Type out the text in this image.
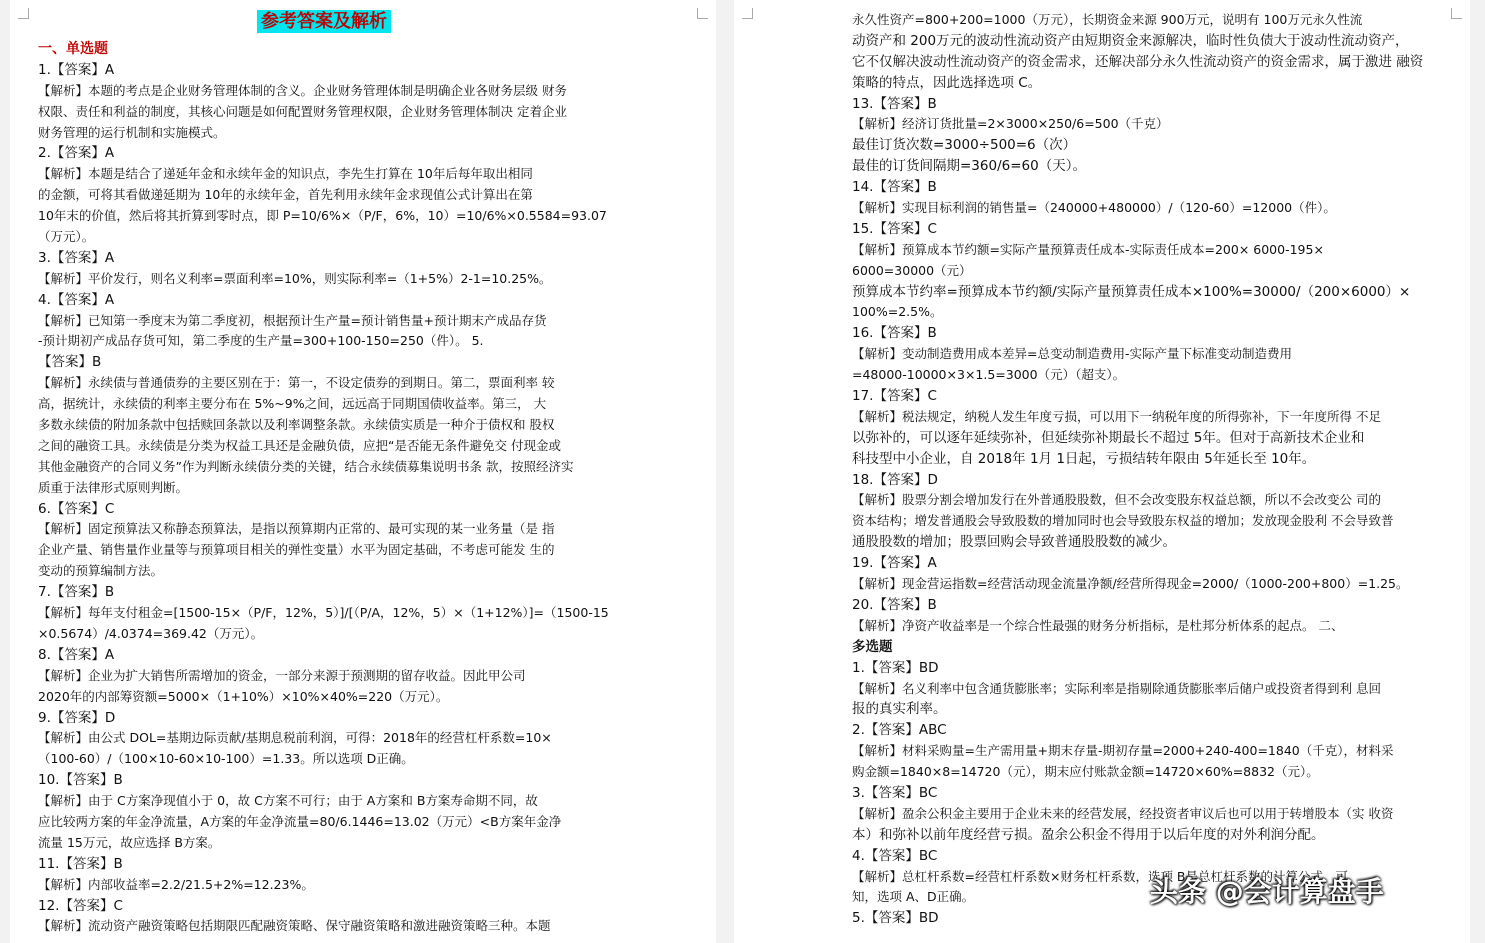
参考答案及解析
一、单选题
1.【答案】A
【解析】本题的考点是企业财务管理体制的含义。企业财务管理体制是明确企业各财务层级 财务
权限、责任和利益的制度，其核心问题是如何配置财务管理权限，企业财务管理体制决 定着企业
财务管理的运行机制和实施模式。
2.【答案】A
【解析】本题是结合了递延年金和永续年金的知识点，李先生打算在 10年后每年取出相同
的金额，可将其看做递延期为 10年的永续年金，首先利用永续年金求现值公式计算出在第
10年末的价值，然后将其折算到零时点，即 P=10/6%×（P/F，6%，10）=10/6%×0.5584=93.07
（万元）。
3.【答案】A
【解析】平价发行，则名义利率=票面利率=10%，则实际利率=（1+5%）2-1=10.25%。
4.【答案】A
【解析】已知第一季度末为第二季度初，根据预计生产量=预计销售量+预计期末产成品存货
-预计期初产成品存货可知，第二季度的生产量=300+100-150=250（件）。 5.
【答案】B
【解析】永续债与普通债券的主要区别在于：第一，不设定债券的到期日。第二，票面利率 较
高，据统计，永续债的利率主要分布在 5%~9%之间，远远高于同期国债收益率。第三， 大
多数永续债的附加条款中包括赎回条款以及利率调整条款。永续债实质是一种介于债权和 股权
之间的融资工具。永续债是分类为权益工具还是金融负债，应把“是否能无条件避免交 付现金或
其他金融资产的合同义务”作为判断永续债分类的关键，结合永续债募集说明书条 款，按照经济实
质重于法律形式原则判断。
6.【答案】C
【解析】固定预算法又称静态预算法，是指以预算期内正常的、最可实现的某一业务量（是 指
企业产量、销售量作业量等与预算项目相关的弹性变量）水平为固定基础，不考虑可能发 生的
变动的预算编制方法。
7.【答案】B
【解析】每年支付租金=[1500-15×（P/F，12%，5）]/[（P/A，12%，5）×（1+12%）]=（1500-15
×0.5674）/4.0374=369.42（万元）。
8.【答案】A
【解析】企业为扩大销售所需增加的资金，一部分来源于预测期的留存收益。因此甲公司
2020年的内部筹资额=5000×（1+10%）×10%×40%=220（万元）。
9.【答案】D
【解析】由公式 DOL=基期边际贡献/基期息税前利润，可得：2018年的经营杠杆系数=10×
（100-60）/（100×10-60×10-100）=1.33。所以选项 D正确。
10.【答案】B
【解析】由于 C方案净现值小于 0，故 C方案不可行；由于 A方案和 B方案寿命期不同，故
应比较两方案的年金净流量，A方案的年金净流量=80/6.1446=13.02（万元）<B方案年金净
流量 15万元，故应选择 B方案。
11.【答案】B
【解析】内部收益率=2.2/21.5+2%=12.23%。
12.【答案】C
【解析】流动资产融资策略包括期限匹配融资策略、保守融资策略和激进融资策略三种。本题
永久性资产=800+200=1000（万元），长期资金来源 900万元，说明有 100万元永久性流
动资产和 200万元的波动性流动资产由短期资金来源解决，临时性负债大于波动性流动资产，
它不仅解决波动性流动资产的资金需求，还解决部分永久性流动资产的资金需求，属于激进 融资
策略的特点，因此选择选项 C。
13.【答案】B
【解析】经济订货批量=2×3000×250/6=500（千克）
最佳订货次数=3000÷500=6（次）
最佳的订货间隔期=360/6=60（天）。
14.【答案】B
【解析】实现目标利润的销售量=（240000+480000）/（120-60）=12000（件）。
15.【答案】C
【解析】预算成本节约额=实际产量预算责任成本-实际责任成本=200× 6000-195×
6000=30000（元）
预算成本节约率=预算成本节约额/实际产量预算责任成本×100%=30000/（200×6000）×
100%=2.5%。
16.【答案】B
【解析】变动制造费用成本差异=总变动制造费用-实际产量下标准变动制造费用
=48000-10000×3×1.5=3000（元）（超支）。
17.【答案】C
【解析】税法规定，纳税人发生年度亏损，可以用下一纳税年度的所得弥补，下一年度所得 不足
以弥补的，可以逐年延续弥补，但延续弥补期最长不超过 5年。但对于高新技术企业和
科技型中小企业，自 2018年 1月 1日起，亏损结转年限由 5年延长至 10年。
18.【答案】D
【解析】股票分割会增加发行在外普通股股数，但不会改变股东权益总额，所以不会改变公 司的
资本结构；增发普通股会导致股数的增加同时也会导致股东权益的增加；发放现金股利 不会导致普
通股股数的增加；股票回购会导致普通股股数的减少。
19.【答案】A
【解析】现金营运指数=经营活动现金流量净额/经营所得现金=2000/（1000-200+800）=1.25。
20.【答案】B
【解析】净资产收益率是一个综合性最强的财务分析指标，是杜邦分析体系的起点。 二、
多选题
1.【答案】BD
【解析】名义利率中包含通货膨胀率；实际利率是指剔除通货膨胀率后储户或投资者得到利 息回
报的真实利率。
2.【答案】ABC
【解析】材料采购量=生产需用量+期末存量-期初存量=2000+240-400=1840（千克），材料采
购金额=1840×8=14720（元），期末应付账款金额=14720×60%=8832（元）。
3.【答案】BC
【解析】盈余公积金主要用于企业未来的经营发展，经投资者审议后也可以用于转增股本（实 收资
本）和弥补以前年度经营亏损。盈余公积金不得用于以后年度的对外利润分配。
4.【答案】BC
【解析】总杠杆系数=经营杠杆系数×财务杠杆系数，选项 B是总杠杆系数的计算公式，可
知，选项 A、D正确。
5.【答案】BD
头条 @会计算盘手
